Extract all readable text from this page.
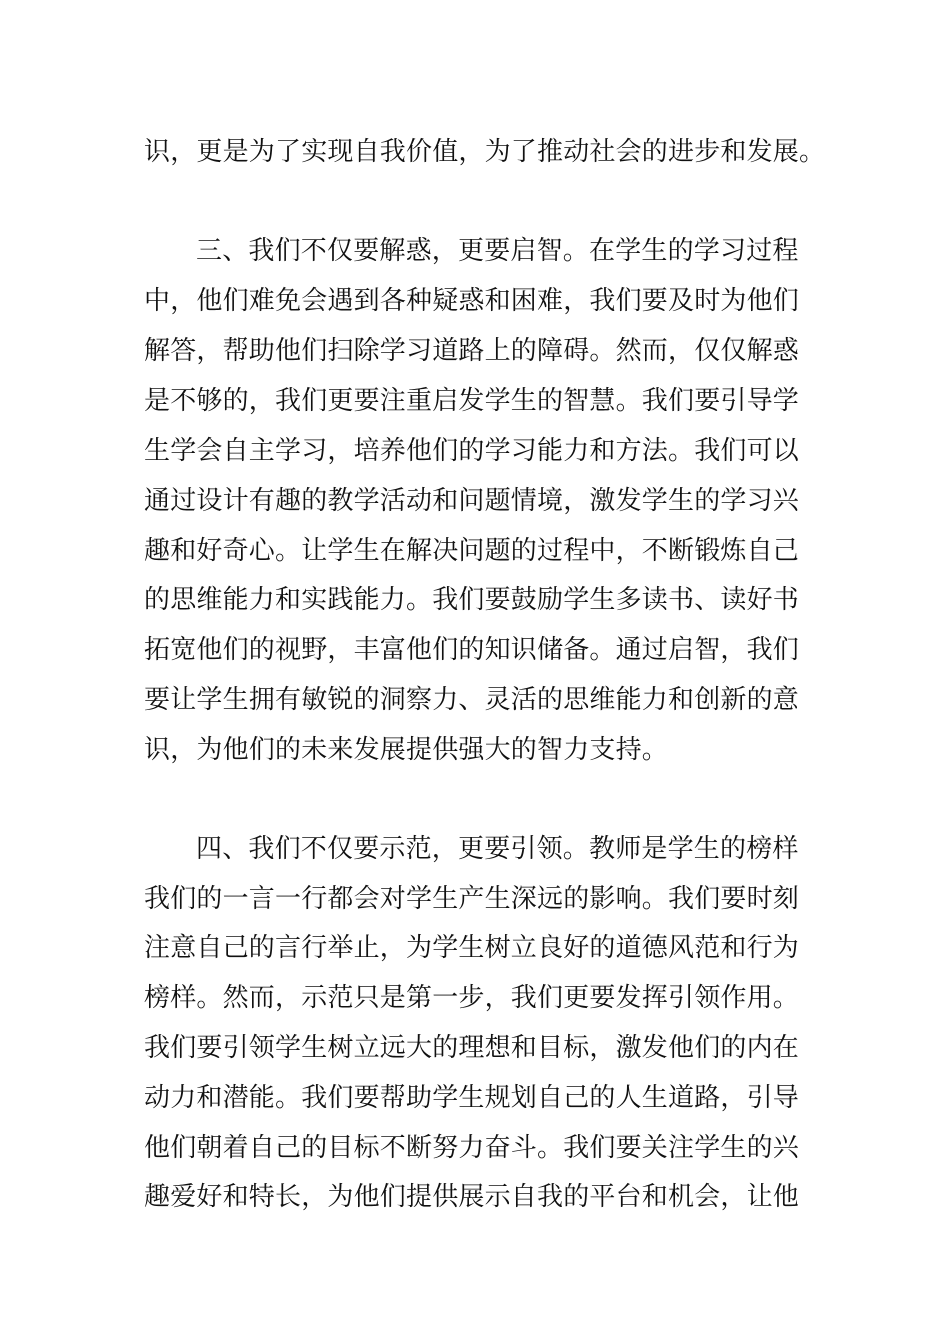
识，更是为了实现自我价值，为了推动社会的进步和发展。
三、我们不仅要解惑，更要启智。在学生的学习过程
中，他们难免会遇到各种疑惑和困难，我们要及时为他们
解答，帮助他们扫除学习道路上的障碍。然而，仅仅解惑
是不够的，我们更要注重启发学生的智慧。我们要引导学
生学会自主学习，培养他们的学习能力和方法。我们可以
通过设计有趣的教学活动和问题情境，激发学生的学习兴
趣和好奇心。让学生在解决问题的过程中，不断锻炼自己
的思维能力和实践能力。我们要鼓励学生多读书、读好书
拓宽他们的视野，丰富他们的知识储备。通过启智，我们
要让学生拥有敏锐的洞察力、灵活的思维能力和创新的意
识，为他们的未来发展提供强大的智力支持。
四、我们不仅要示范，更要引领。教师是学生的榜样
我们的一言一行都会对学生产生深远的影响。我们要时刻
注意自己的言行举止，为学生树立良好的道德风范和行为
榜样。然而，示范只是第一步，我们更要发挥引领作用。
我们要引领学生树立远大的理想和目标，激发他们的内在
动力和潜能。我们要帮助学生规划自己的人生道路，引导
他们朝着自己的目标不断努力奋斗。我们要关注学生的兴
趣爱好和特长，为他们提供展示自我的平台和机会，让他
